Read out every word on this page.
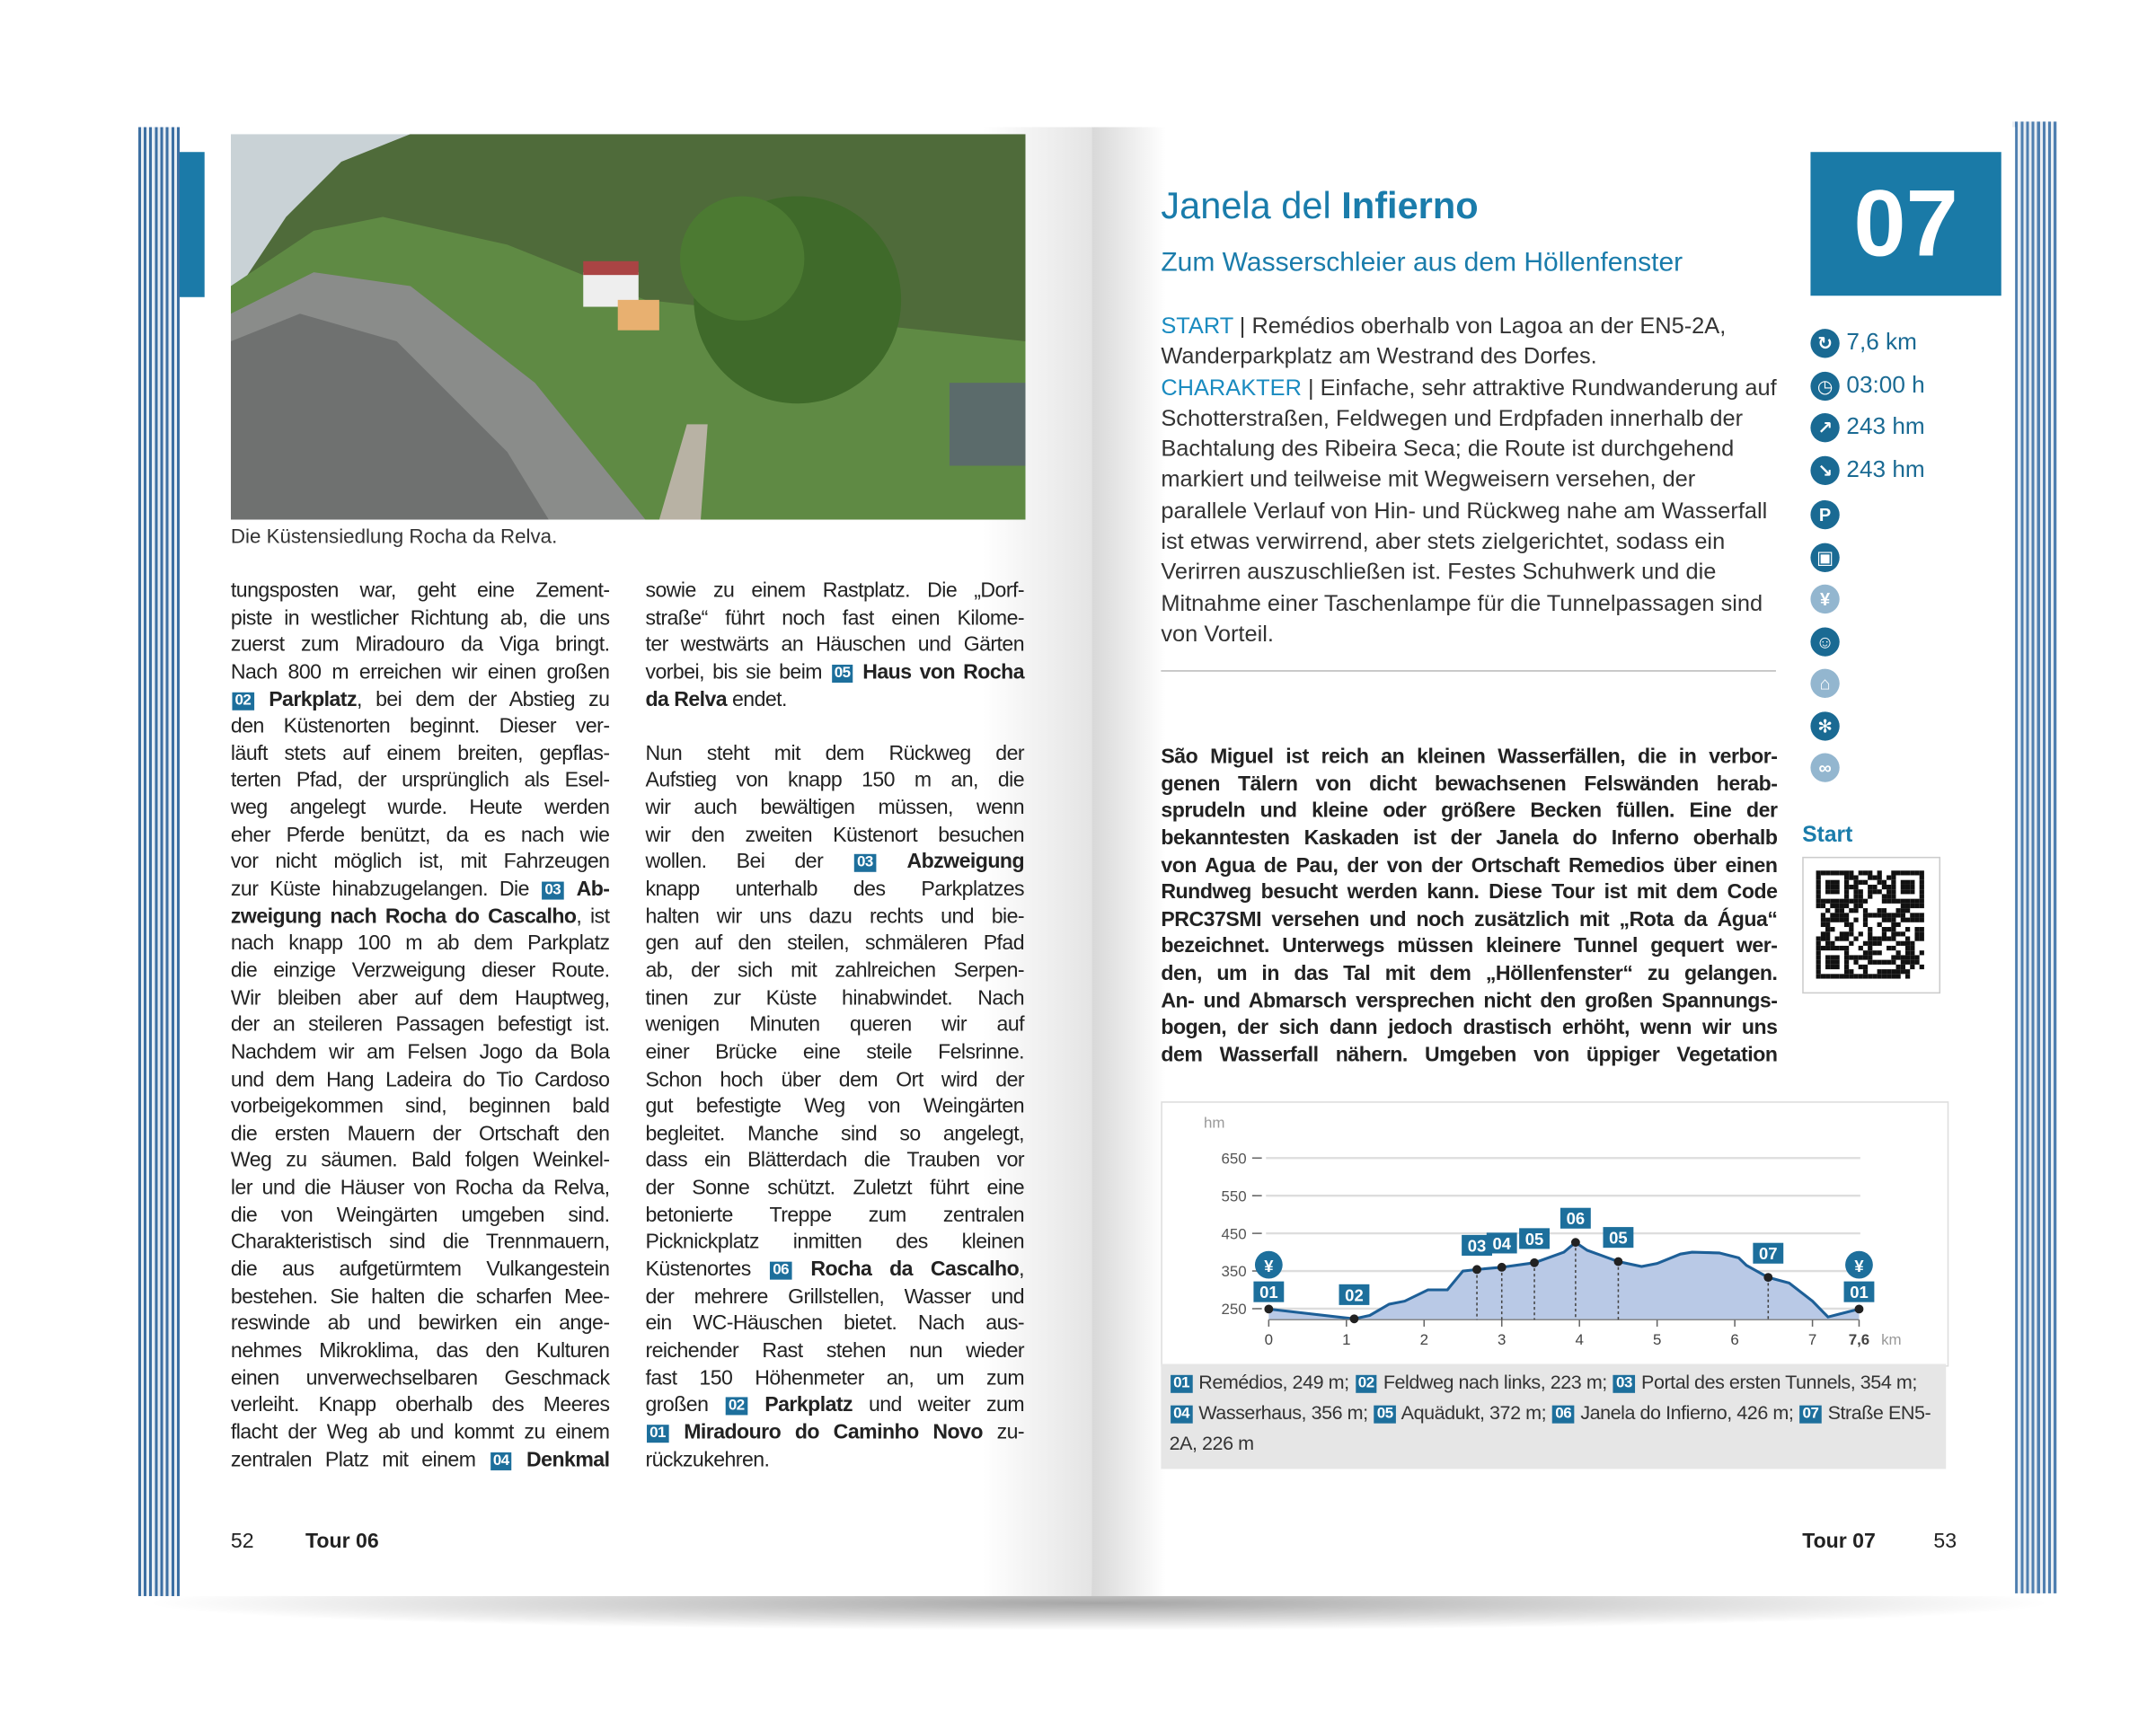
Die Küstensiedlung Rocha da Relva.
tungsposten war, geht eine Zement-
piste in westlicher Richtung ab, die uns
zuerst zum Miradouro da Viga bringt.
Nach 800 m erreichen wir einen großen
02 Parkplatz, bei dem der Abstieg zu
den Küstenorten beginnt. Dieser ver-
läuft stets auf einem breiten, gepflas-
terten Pfad, der ursprünglich als Esel-
weg angelegt wurde. Heute werden
eher Pferde benützt, da es nach wie
vor nicht möglich ist, mit Fahrzeugen
zur Küste hinabzugelangen. Die 03 Ab-
zweigung nach Rocha do Cascalho, ist
nach knapp 100 m ab dem Parkplatz
die einzige Verzweigung dieser Route.
Wir bleiben aber auf dem Hauptweg,
der an steileren Passagen befestigt ist.
Nachdem wir am Felsen Jogo da Bola
und dem Hang Ladeira do Tio Cardoso
vorbeigekommen sind, beginnen bald
die ersten Mauern der Ortschaft den
Weg zu säumen. Bald folgen Weinkel-
ler und die Häuser von Rocha da Relva,
die von Weingärten umgeben sind.
Charakteristisch sind die Trennmauern,
die aus aufgetürmtem Vulkangestein
bestehen. Sie halten die scharfen Mee-
reswinde ab und bewirken ein ange-
nehmes Mikroklima, das den Kulturen
einen unverwechselbaren Geschmack
verleiht. Knapp oberhalb des Meeres
flacht der Weg ab und kommt zu einem
zentralen Platz mit einem 04 Denkmal
sowie zu einem Rastplatz. Die „Dorf-
straße“ führt noch fast einen Kilome-
ter westwärts an Häuschen und Gärten
vorbei, bis sie beim 05 Haus von Rocha
da Relva endet.
Nun steht mit dem Rückweg der
Aufstieg von knapp 150 m an, die
wir auch bewältigen müssen, wenn
wir den zweiten Küstenort besuchen
wollen. Bei der 03	Abzweigung
knapp unterhalb des Parkplatzes
halten wir uns dazu rechts und bie-
gen auf den steilen, schmäleren Pfad
ab, der sich mit zahlreichen Serpen-
tinen zur Küste hinabwindet. Nach
wenigen Minuten queren wir auf
einer Brücke eine steile Felsrinne.
Schon hoch über dem Ort wird der
gut befestigte Weg von Weingärten
begleitet. Manche sind so angelegt,
dass ein Blätterdach die Trauben vor
der Sonne schützt. Zuletzt führt eine
betonierte Treppe zum zentralen
Picknickplatz inmitten des kleinen
Küstenortes 06 Rocha da Cascalho,
der mehrere Grillstellen, Wasser und
ein WC-Häuschen bietet. Nach aus-
reichender Rast stehen nun wieder
fast 150 Höhenmeter an, um zum
großen 02 Parkplatz und weiter zum
01 Miradouro do Caminho Novo zu-
rückzukehren.
52	Tour 06
Janela del Infierno
Zum Wasserschleier aus dem Höllenfenster	07
START | Remédios oberhalb von Lagoa an der EN5-2A, Wanderparkplatz am Westrand des Dorfes.
CHARAKTER | Einfache, sehr attraktive Rundwanderung auf Schotterstraßen, Feldwegen und Erdpfaden innerhalb der Bachtalung des Ribeira Seca; die Route ist durchgehend markiert und teilweise mit Wegweisern versehen, der parallele Verlauf von Hin- und Rückweg nahe am Wasserfall ist etwas verwirrend, aber stets zielgerichtet, sodass ein Verirren auszuschließen ist. Festes Schuhwerk und die Mitnahme einer Taschenlampe für die Tunnelpassagen sind von Vorteil.
São Miguel ist reich an kleinen Wasserfällen, die in verbor-
genen Tälern von dicht bewachsenen Felswänden herab-
sprudeln und kleine oder größere Becken füllen. Eine der
bekanntesten Kaskaden ist der Janela do Inferno oberhalb
von Agua de Pau, der von der Ortschaft Remedios über einen
Rundweg besucht werden kann. Diese Tour ist mit dem Code
PRC37SMI versehen und noch zusätzlich mit „Rota da Água“
bezeichnet. Unterwegs müssen kleinere Tunnel gequert wer-
den, um in das Tal mit dem „Höllenfenster“ zu gelangen.
An- und Abmarsch versprechen nicht den großen Spannungs-
bogen, der sich dann jedoch drastisch erhöht, wenn wir uns
dem Wasserfall nähern. Umgeben von üppiger Vegetation
Start
hm
250
350
450
550
650
0	1	2	3	4	5	6	7	7,6 km
01
¥
02
03 04 05
06
05
07
01
¥
01 Remédios, 249 m; 02 Feldweg nach links, 223 m; 03 Portal des ersten Tunnels, 354 m; 04 Wasserhaus, 356 m; 05 Aquädukt, 372 m; 06 Janela do Infierno, 426 m; 07 Straße EN5-2A, 226 m
Tour 07	53
↻ 7,6 km
◷ 03:00 h
↗ 243 hm
↘ 243 hm
P
▣
¥
☺
⌂
✻
∞
